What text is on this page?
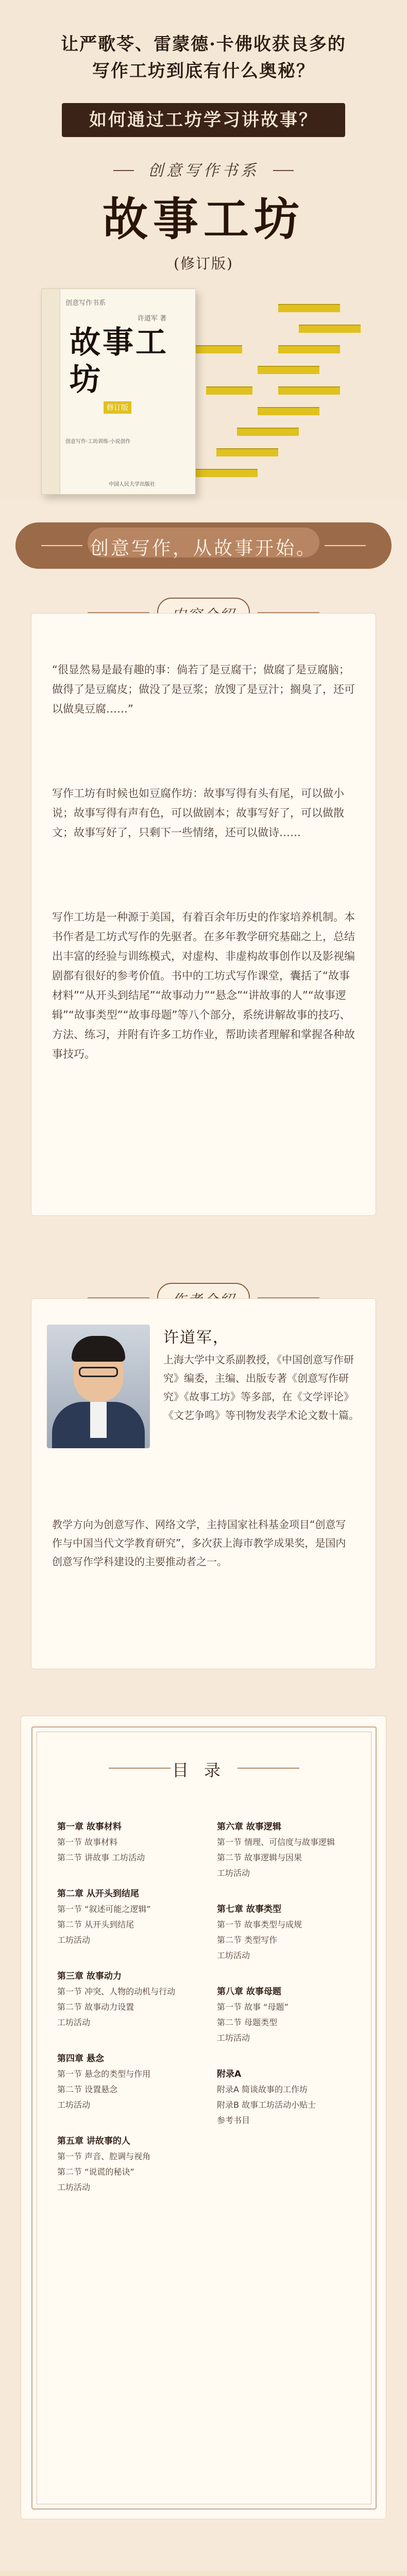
让严歌苓、雷蒙德·卡佛收获良多的
写作工坊到底有什么奥秘？
如何通过工坊学习讲故事？
创意写作书系
故事工坊
(修订版)
创意写作书系
许道军 著
故事工坊
修订版
创意写作·工坊训练·小说创作
中国人民大学出版社
创意写作，从故事开始。

“很显然易是最有趣的事：倘若了是豆腐干；做腐了是豆腐脑；做得了是豆腐皮；做没了是豆浆；放馊了是豆汁；搁臭了，还可以做臭豆腐……”

写作工坊有时候也如豆腐作坊：故事写得有头有尾，可以做小说；故事写得有声有色，可以做剧本；故事写好了，可以做散文；故事写好了，只剩下一些情绪，还可以做诗……

写作工坊是一种源于美国，有着百余年历史的作家培养机制。本书作者是工坊式写作的先驱者。在多年教学研究基础之上，总结出丰富的经验与训练模式，对虚构、非虚构故事创作以及影视编剧都有很好的参考价值。书中的工坊式写作课堂，囊括了“故事材料”“从开头到结尾”“故事动力”“悬念”“讲故事的人”“故事逻辑”“故事类型”“故事母题”等八个部分，系统讲解故事的技巧、方法、练习，并附有许多工坊作业，帮助读者理解和掌握各种故事技巧。

许道军，
上海大学中文系副教授，《中国创意写作研究》编委，主编、出版专著《创意写作研究》《故事工坊》等多部，在《文学评论》《文艺争鸣》等刊物发表学术论文数十篇。
教学方向为创意写作、网络文学，主持国家社科基金项目“创意写作与中国当代文学教育研究”，多次获上海市教学成果奖，是国内创意写作学科建设的主要推动者之一。
目录
第一章 故事材料
第一节 故事材料
第二节 讲故事 工坊活动
第二章 从开头到结尾
第一节 “叙述可能之逻辑”
第二节 从开头到结尾
工坊活动
第三章 故事动力
第一节 冲突、人物的动机与行动
第二节 故事动力设置
工坊活动
第四章 悬念
第一节 悬念的类型与作用
第二节 设置悬念
工坊活动
第五章 讲故事的人
第一节 声音、腔调与视角
第二节 “说谎的秘诀”
工坊活动
第六章 故事逻辑
第一节 情理、可信度与故事逻辑
第二节 故事逻辑与因果
工坊活动
第七章 故事类型
第一节 故事类型与成规
第二节 类型写作
工坊活动
第八章 故事母题
第一节 故事 “母题”
第二节 母题类型
工坊活动
附录A
附录A 简谈故事的工作坊
附录B 故事工坊活动小贴士
参考书目
